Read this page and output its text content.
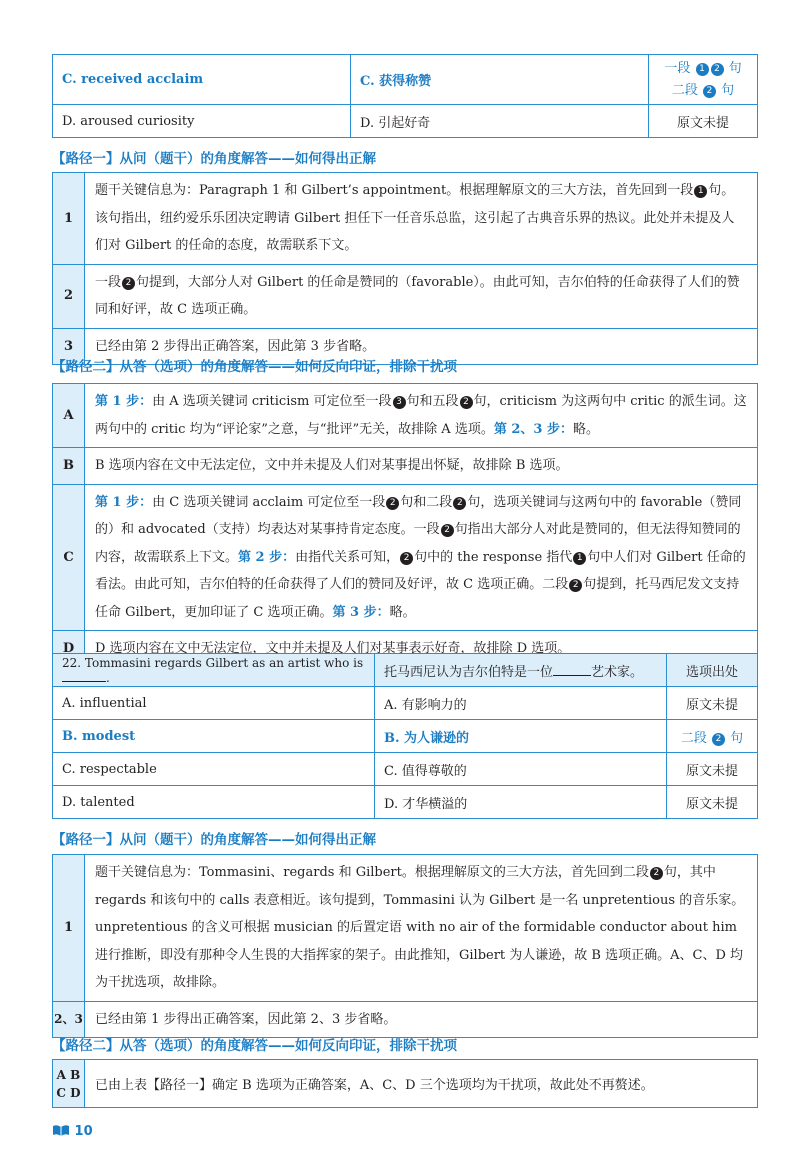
C. received acclaim	C. 获得称赞	一段 1 2 句
二段 2 句
D. aroused curiosity	D. 引起好奇	原文未提
【路径一】从问（题干）的角度解答——如何得出正解
1	题干关键信息为：Paragraph 1 和 Gilbert’s appointment。根据理解原文的三大方法，首先回到一段 1 句。该句指出，纽约爱乐乐团决定聘请 Gilbert 担任下一任音乐总监，这引起了古典音乐界的热议。此处并未提及人们对 Gilbert 的任命的态度，故需联系下文。
2	一段 2 句提到，大部分人对 Gilbert 的任命是赞同的（favorable）。由此可知，吉尔伯特的任命获得了人们的赞同和好评，故 C 选项正确。
3	已经由第 2 步得出正确答案，因此第 3 步省略。
【路径二】从答（选项）的角度解答——如何反向印证，排除干扰项
A	第 1 步：由 A 选项关键词 criticism 可定位至一段 3 句和五段 2 句，criticism 为这两句中 critic 的派生词。这两句中的 critic 均为“评论家”之意，与“批评”无关，故排除 A 选项。第 2、3 步：略。
B	B 选项内容在文中无法定位，文中并未提及人们对某事提出怀疑，故排除 B 选项。
C	第 1 步：由 C 选项关键词 acclaim 可定位至一段 2 句和二段 2 句，选项关键词与这两句中的 favorable（赞同的）和 advocated（支持）均表达对某事持肯定态度。一段 2 句指出大部分人对此是赞同的，但无法得知赞同的内容，故需联系上下文。第 2 步：由指代关系可知， 2 句中的 the response 指代 1 句中人们对 Gilbert 任命的看法。由此可知，吉尔伯特的任命获得了人们的赞同及好评，故 C 选项正确。二段 2 句提到，托马西尼发文支持任命 Gilbert，更加印证了 C 选项正确。第 3 步：略。
D	D 选项内容在文中无法定位，文中并未提及人们对某事表示好奇，故排除 D 选项。
22. Tommasini regards Gilbert as an artist who is .	托马西尼认为吉尔伯特是一位 艺术家。	选项出处
A. influential	A. 有影响力的	原文未提
B. modest	B. 为人谦逊的	二段 2 句
C. respectable	C. 值得尊敬的	原文未提
D. talented	D. 才华横溢的	原文未提
【路径一】从问（题干）的角度解答——如何得出正解
1	题干关键信息为：Tommasini、regards 和 Gilbert。根据理解原文的三大方法，首先回到二段 2 句，其中 regards 和该句中的 calls 表意相近。该句提到，Tommasini 认为 Gilbert 是一名 unpretentious 的音乐家。unpretentious 的含义可根据 musician 的后置定语 with no air of the formidable conductor about him 进行推断，即没有那种令人生畏的大指挥家的架子。由此推知，Gilbert 为人谦逊，故 B 选项正确。A、C、D 均为干扰选项，故排除。
2、3	已经由第 1 步得出正确答案，因此第 2、3 步省略。
【路径二】从答（选项）的角度解答——如何反向印证，排除干扰项
A B
C D	已由上表【路径一】确定 B 选项为正确答案，A、C、D 三个选项均为干扰项，故此处不再赘述。
10
